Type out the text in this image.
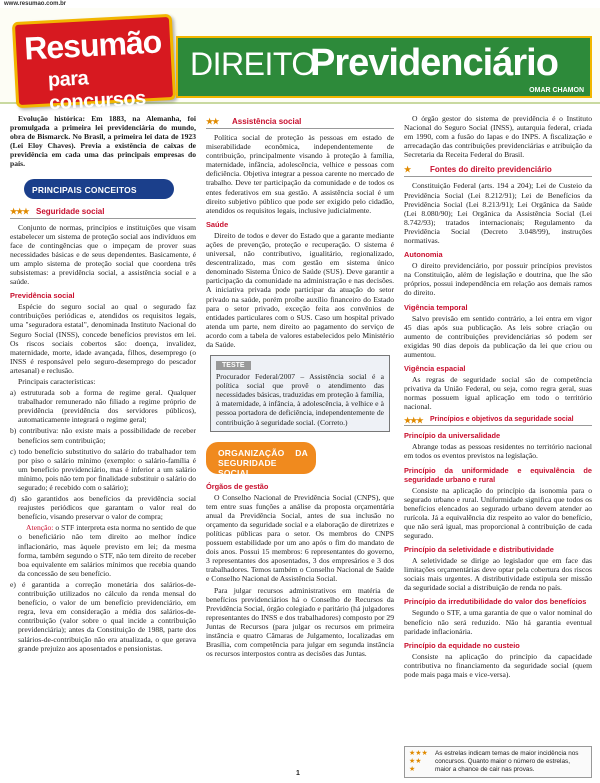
www.resumao.com.br
Resumão
para concursos
DIREITO
Previdenciário
OMAR CHAMON

Evolução histórica: Em 1883, na Alemanha, foi promulgada a primeira lei previdenciária do mundo, obra de Bismarck. No Brasil, a primeira lei data de 1923 (Lei Eloy Chaves). Previa a existência de caixas de previdência em cada uma das principais empresas do país.

PRINCIPAIS CONCEITOS
★★★ Seguridade social

Conjunto de normas, princípios e instituições que visam estabelecer um sistema de proteção social aos indivíduos em face de contingências que o impeçam de prover suas necessidades básicas e de seus dependentes. Basicamente, é um amplo sistema de proteção social que coordena três subsistemas: a previdência social, a assistência social e a saúde.

Previdência social

Espécie do seguro social ao qual o segurado faz contribuições periódicas e, atendidos os requisitos legais, uma "seguradora estatal", denominada Instituto Nacional do Seguro Social (INSS), concede benefícios previstos em lei. Os riscos sociais cobertos são: doença, invalidez, maternidade, morte, idade avançada, filhos, desemprego (o INSS é responsável pelo seguro-desemprego do pescador artesanal) e reclusão.

Principais características:

a) estruturada sob a forma de regime geral. Qualquer trabalhador remunerado não filiado a regime próprio de previdência (previdência dos servidores públicos), automaticamente integrará o regime geral;

b) contributiva: não existe mais a possibilidade de receber benefícios sem contribuição;

c) todo benefício substitutivo do salário do trabalhador tem por piso o salário mínimo (exemplo: o salário-família é um benefício previdenciário, mas é inferior a um salário mínimo, pois não tem por finalidade substituir o salário do segurado; é recebido com o salário);

d) são garantidos aos benefícios da previdência social reajustes periódicos que garantam o valor real do benefício, visando preservar o valor de compra;

Atenção: o STF interpreta esta norma no sentido de que o beneficiário não tem direito ao melhor índice inflacionário, mas àquele previsto em lei; da mesma forma, também segundo o STF, não tem direito de receber boa equivalente em salários mínimos que recebia quando da concessão de seu benefício.

e) é garantida a correção monetária dos salários-de-contribuição utilizados no cálculo da renda mensal do benefício, o valor de um benefício previdenciário, em regra, leva em consideração a média dos salários-de-contribuição (valor sobre o qual incide a contribuição previdenciária); antes da Constituição de 1988, parte dos salários-de-contribuição não era atualizada, o que gerava grande prejuízo aos aposentados e pensionistas.

★★ Assistência social

Política social de proteção às pessoas em estado de miserabilidade econômica, independentemente de contribuição, principalmente visando à proteção à família, maternidade, infância, adolescência, velhice e pessoas com deficiência. Objetiva integrar a pessoa carente no mercado de trabalho. Deve ter participação da comunidade e de todos os entes federativos em sua gestão. A assistência social é um direito subjetivo público que pode ser exigido pelo cidadão, atendidos os requisitos legais, inclusive judicialmente.

Saúde

Direito de todos e dever do Estado que a garante mediante ações de prevenção, proteção e recuperação. O sistema é universal, não contributivo, igualitário, regionalizado, descentralizado, mas com gestão em sistema único denominado Sistema Único de Saúde (SUS). Deve garantir a participação da comunidade na administração e nas decisões. A iniciativa privada pode participar da atuação do setor privado na saúde, porém proíbe auxílio financeiro do Estado para o setor privado, exceção feita aos convênios de entidades particulares com o SUS. Caso um hospital privado atenda um parte, nem direito ao pagamento do serviço de acordo com a tabela de valores estabelecidos pelo Ministério da Saúde.

TESTE
Procurador Federal/2007 – Assistência social é a política social que provê o atendimento das necessidades básicas, traduzidas em proteção à família, à maternidade, à infância, à adolescência, à velhice e à pessoa portadora de deficiência, independentemente de contribuição à seguridade social. (Correto.)
ORGANIZAÇÃO DA SEGURIDADE SOCIAL
Órgãos de gestão

O Conselho Nacional de Previdência Social (CNPS), que tem entre suas funções a análise da proposta orçamentária anual da Previdência Social, antes de sua inclusão no orçamento da seguridade social e a elaboração de diretrizes e políticas públicas para o setor. Os membros do CNPS possuem estabilidade por um ano após o fim do mandato de dois anos. Possui 15 membros: 6 representantes do governo, 3 representantes dos aposentados, 3 dos empresários e 3 dos trabalhadores. Temos também o Conselho Nacional de Saúde e Conselho Nacional de Assistência Social.

Para julgar recursos administrativos em matéria de benefícios previdenciários há o Conselho de Recursos da Previdência Social, órgão colegiado e paritário (há julgadores representantes do INSS e dos trabalhadores) composto por 29 Juntas de Recursos (para julgar os recursos em primeira instância e quatro Câmaras de Julgamento, localizadas em Brasília, com competência para julgar em segunda instância os recursos interpostos contra as decisões das Juntas.

O órgão gestor do sistema de previdência é o Instituto Nacional do Seguro Social (INSS), autarquia federal, criada em 1990, com a fusão do Iapas e do INPS. A fiscalização e arrecadação das contribuições previdenciárias e atribuição da Secretaria da Receita Federal do Brasil.

★ Fontes do direito previdenciário

Constituição Federal (arts. 194 a 204); Lei de Custeio da Previdência Social (Lei 8.212/91); Lei de Benefícios da Previdência Social (Lei 8.213/91); Lei Orgânica da Saúde (Lei 8.080/90); Lei Orgânica da Assistência Social (Lei 8.742/93); tratados internacionais; Regulamento da Previdência Social (Decreto 3.048/99), instruções normativas.

Autonomia

O direito previdenciário, por possuir princípios previstos na Constituição, além de legislação e doutrina, que lhe são próprios, possui independência em relação aos demais ramos do direito.

Vigência temporal

Salvo previsão em sentido contrário, a lei entra em vigor 45 dias após sua publicação. As leis sobre criação ou aumento de contribuições previdenciárias só podem ser exigidas 90 dias depois da publicação da lei que criou ou aumentou.

Vigência espacial

As regras de seguridade social são de competência privativa da União Federal, ou seja, como regra geral, suas normas possuem igual aplicação em todo o território nacional.

★★★ Princípios e objetivos da seguridade social
Princípio da universalidade

Abrange todas as pessoas residentes no território nacional em todos os eventos previstos na legislação.

Princípio da uniformidade e equivalência de seguridade urbano e rural

Consiste na aplicação do princípio da isonomia para o segurado urbano e rural. Uniformidade significa que todos os benefícios elencados ao segurado urbano devem atender ao rurícola. Já a equivalência diz respeito ao valor do benefício, que não será igual, mas proporcional à contribuição de cada segurado.

Princípio da seletividade e distributividade

A seletividade se dirige ao legislador que em face das limitações orçamentárias deve optar pela cobertura dos riscos sociais mais urgentes. A distributividade estipula ser missão da seguridade social a distribuição de renda no país.

Princípio da irredutibilidade do valor dos benefícios

Segundo o STF, a uma garantia de que o valor nominal do benefício não será reduzido. Não há garantia eventual paridade inflacionária.

Princípio da equidade no custeio

Consiste na aplicação do princípio da capacidade contributiva no financiamento da seguridade social (quem pode mais paga mais e vice-versa).

★★★
★★
★
As estrelas indicam temas de maior incidência nos concursos. Quanto maior o número de estrelas, maior a chance de cair nas provas.
1
